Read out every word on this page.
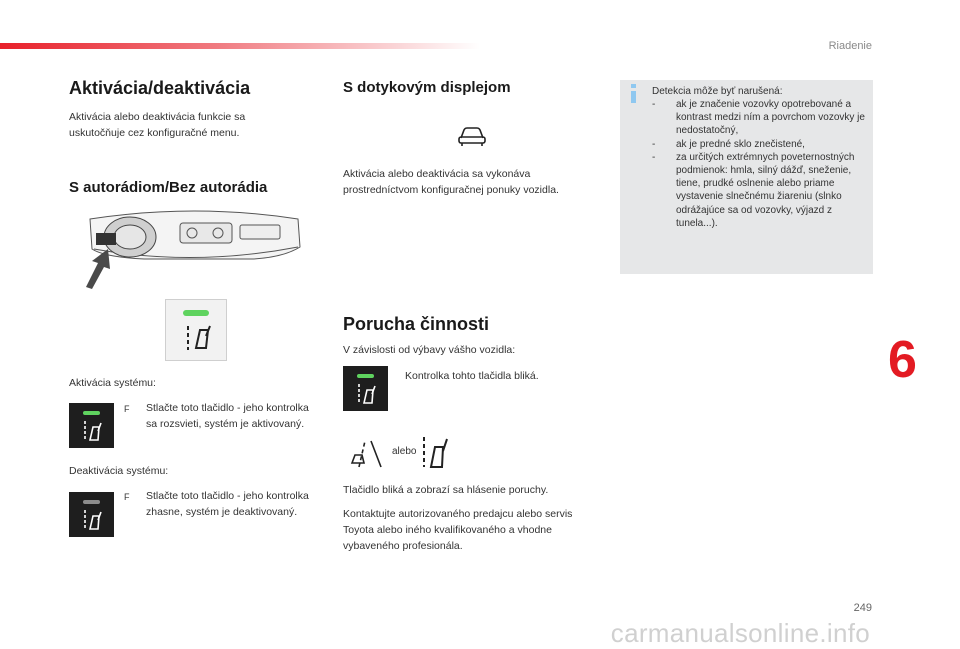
Riadenie
Aktivácia/deaktivácia
Aktivácia alebo deaktivácia funkcie sa uskutočňuje cez konfiguračné menu.
S autorádiom/Bez autorádia
Aktivácia systému:
F	Stlačte toto tlačidlo - jeho kontrolka sa rozsvieti, systém je aktivovaný.
Deaktivácia systému:
F	Stlačte toto tlačidlo - jeho kontrolka zhasne, systém je deaktivovaný.
S dotykovým displejom
Aktivácia alebo deaktivácia sa vykonáva prostredníctvom konfiguračnej ponuky vozidla.
Porucha činnosti
V závislosti od výbavy vášho vozidla:
Kontrolka tohto tlačidla bliká.
alebo
Tlačidlo bliká a zobrazí sa hlásenie poruchy.
Kontaktujte autorizovaného predajcu alebo servis Toyota alebo iného kvalifikovaného a vhodne vybaveného profesionála.
Detekcia môže byť narušená:
-	ak je značenie vozovky opotrebované a kontrast medzi ním a povrchom vozovky je nedostatočný,
-	ak je predné sklo znečistené,
-	za určitých extrémnych poveternostných podmienok: hmla, silný dážď, sneženie, tiene, prudké oslnenie alebo priame vystavenie slnečnému žiareniu (slnko odrážajúce sa od vozovky, výjazd z tunela...).
6
249
carmanualsonline.info
